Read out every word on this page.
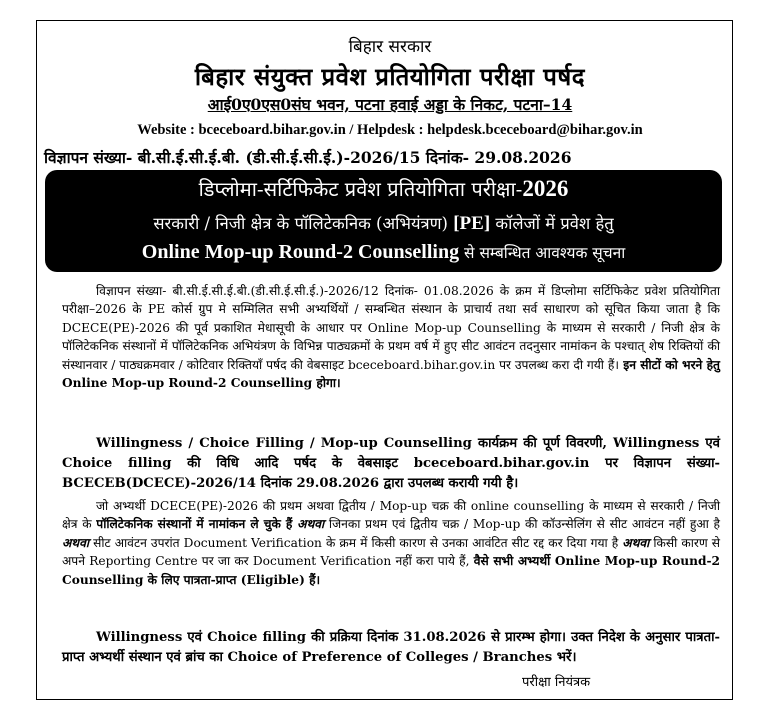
बिहार सरकार
बिहार संयुक्त प्रवेश प्रतियोगिता परीक्षा पर्षद
आई0ए0एस0संघ भवन, पटना हवाई अड्डा के निकट, पटना–14
Website : bceceboard.bihar.gov.in / Helpdesk : helpdesk.bceceboard@bihar.gov.in
विज्ञापन संख्या- बी.सी.ई.सी.ई.बी. (डी.सी.ई.सी.ई.)-2026/15 दिनांक- 29.08.2026
डिप्लोमा-सर्टिफिकेट प्रवेश प्रतियोगिता परीक्षा-2026
सरकारी / निजी क्षेत्र के पॉलिटेकनिक (अभियंत्रण) [PE] कॉलेजों में प्रवेश हेतु
Online Mop-up Round-2 Counselling से सम्बन्धित आवश्यक सूचना
विज्ञापन संख्या- बी.सी.ई.सी.ई.बी.(डी.सी.ई.सी.ई.)-2026/12 दिनांक- 01.08.2026 के क्रम में डिप्लोमा सर्टिफिकेट प्रवेश प्रतियोगिता परीक्षा–2026 के PE कोर्स ग्रुप मे सम्मिलित सभी अभ्यर्थियों / सम्बन्धित संस्थान के प्राचार्य तथा सर्व साधारण को सूचित किया जाता है कि DCECE(PE)-2026 की पूर्व प्रकाशित मेधासूची के आधार पर Online Mop-up Counselling के माध्यम से सरकारी / निजी क्षेत्र के पॉलिटेकनिक संस्थानों में पॉलिटेकनिक अभियंत्रण के विभिन्न पाठ्यक्रमों के प्रथम वर्ष में हुए सीट आवंटन तदनुसार नामांकन के पश्चात् शेष रिक्तियों की संस्थानवार / पाठ्यक्रमवार / कोटिवार रिक्तियाँ पर्षद की वेबसाइट bceceboard.bihar.gov.in पर उपलब्ध करा दी गयी हैं। इन सीटों को भरने हेतु Online Mop-up Round-2 Counselling होगा।
Willingness / Choice Filling / Mop-up Counselling कार्यक्रम की पूर्ण विवरणी, Willingness एवं Choice filling की विधि आदि पर्षद के वेबसाइट bceceboard.bihar.gov.in पर विज्ञापन संख्या-BCECEB(DCECE)-2026/14 दिनांक 29.08.2026 द्वारा उपलब्ध करायी गयी है।
जो अभ्यर्थी DCECE(PE)-2026 की प्रथम अथवा द्वितीय / Mop-up चक्र की online counselling के माध्यम से सरकारी / निजी क्षेत्र के पॉलिटेकनिक संस्थानों में नामांकन ले चुके हैं अथवा जिनका प्रथम एवं द्वितीय चक्र / Mop-up की कॉउन्सेलिंग से सीट आवंटन नहीं हुआ है अथवा सीट आवंटन उपरांत Document Verification के क्रम में किसी कारण से उनका आवंटित सीट रद्द कर दिया गया है अथवा किसी कारण से अपने Reporting Centre पर जा कर Document Verification नहीं करा पाये हैं, वैसे सभी अभ्यर्थी Online Mop-up Round-2 Counselling के लिए पात्रता-प्राप्त (Eligible) हैं।
Willingness एवं Choice filling की प्रक्रिया दिनांक 31.08.2026 से प्रारम्भ होगा। उक्त निदेश के अनुसार पात्रता-प्राप्त अभ्यर्थी संस्थान एवं ब्रांच का Choice of Preference of Colleges / Branches भरें।
परीक्षा नियंत्रक
